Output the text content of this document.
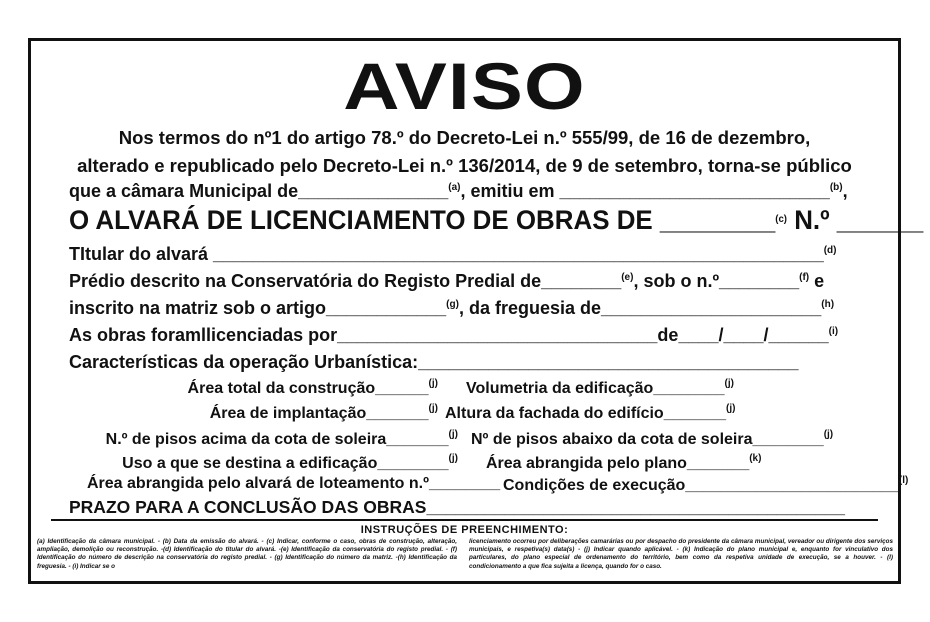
AVISO
Nos termos do nº1 do artigo 78.º do Decreto-Lei n.º 555/99, de 16 de dezembro,
alterado e republicado pelo Decreto-Lei n.º 136/2014, de 9 de setembro, torna-se público
que a câmara Municipal de_______________$^{(a)}$, emitiu em ___________________________$^{(b)}$,
O ALVARÁ DE LICENCIAMENTO DE OBRAS DE ________$^{(c)}$ N.º ______
TItular do alvará _____________________________________________________________$^{(d)}$
Prédio descrito na Conservatória do Registo Predial de________$^{(e)}$, sob o n.º________$^{(f)}$ e
inscrito na matriz sob o artigo____________$^{(g)}$, da freguesia de______________________$^{(h)}$
As obras foramllicenciadas por________________________________de____/____/______$^{(i)}$
Características da operação Urbanística:______________________________________
Área total da construção______$^{(j)}$ Volumetria da edificação________$^{(j)}$
Área de implantação_______$^{(j)}$ Altura da fachada do edifício_______$^{(j)}$
N.º de pisos acima da cota de soleira_______$^{(j)}$ Nº de pisos abaixo da cota de soleira________$^{(j)}$
Uso a que se destina a edificação________$^{(j)}$ Área abrangida pelo plano_______$^{(k)}$
Área abrangida pelo alvará de loteamento n.º________ Condições de execução________________________$^{(l)}$
PRAZO PARA A CONCLUSÃO DAS OBRAS___________________________________________
INSTRUÇÕES DE PREENCHIMENTO:
(a) Identificação da câmara municipal. - (b) Data da emissão do alvará. - (c) Indicar, conforme o caso, obras de construção, alteração, ampliação, demolição ou reconstrução. -(d) Identificação do titular do alvará. -(e) Identificação da conservatória do registo predial. - (f) Identificação do número de descrição na conservatória do registo predial. - (g) Identificação do número da matriz. -(h) Identificação da freguesia. - (i) Indicar se o
licenciamento ocorreu por deliberações camarárias ou por despacho do presidente da câmara municipal, vereador ou dirigente dos serviços municipais, e respetiva(s) data(s) - (j) Indicar quando aplicável. - (k) Indicação do plano municipal e, enquanto for vinculativo dos particulares, do plano especial de ordenamento do território, bem como da respetiva unidade de execução, se a houver. - (l) condicionamento a que fica sujeita a licença, quando for o caso.
